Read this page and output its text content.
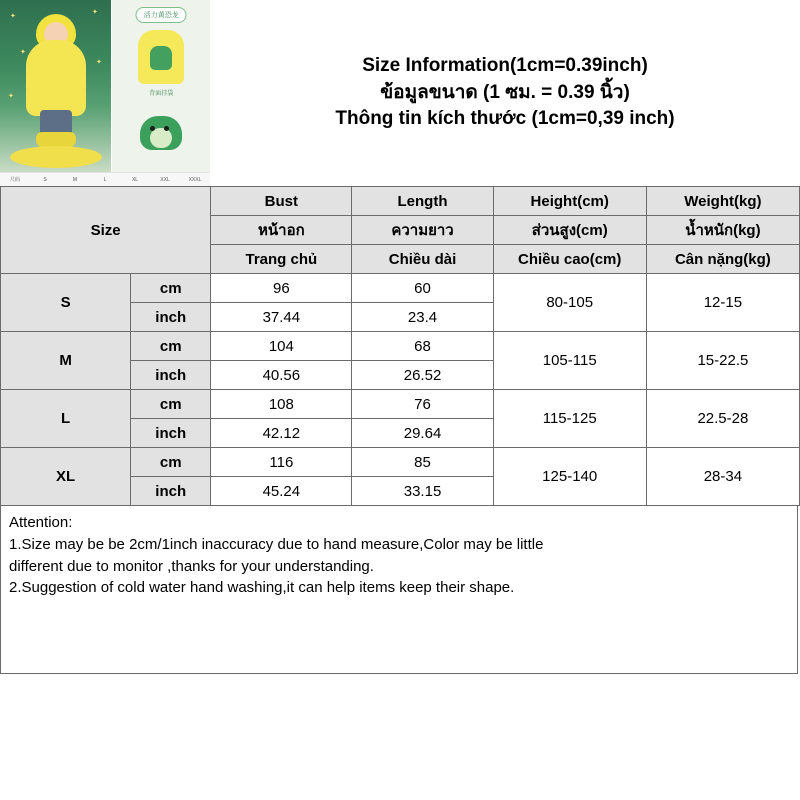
✦
✦
✦
✦
✦
活力黄恐龙
背面挂袋
尺码	S	M	L	XL	XXL	XXXL
Size Information(1cm=0.39inch)
ข้อมูลขนาด (1 ซม. = 0.39 นิ้ว)
Thông tin kích thước (1cm=0,39 inch)
Size		Bust	Length	Height(cm)	Weight(kg)
		หน้าอก	ความยาว	ส่วนสูง(cm)	น้ำหนัก(kg)
		Trang chủ	Chiều dài	Chiều cao(cm)	Cân nặng(kg)
S	cm	96	60	80-105	12-15
	inch	37.44	23.4		
M	cm	104	68	105-115	15-22.5
	inch	40.56	26.52		
L	cm	108	76	115-125	22.5-28
	inch	42.12	29.64		
XL	cm	116	85	125-140	28-34
	inch	45.24	33.15		
Attention:
1.Size may be be 2cm/1inch inaccuracy due to hand measure,Color may be little
different due to monitor ,thanks for your understanding.
2.Suggestion of cold water hand washing,it can help items keep their shape.
